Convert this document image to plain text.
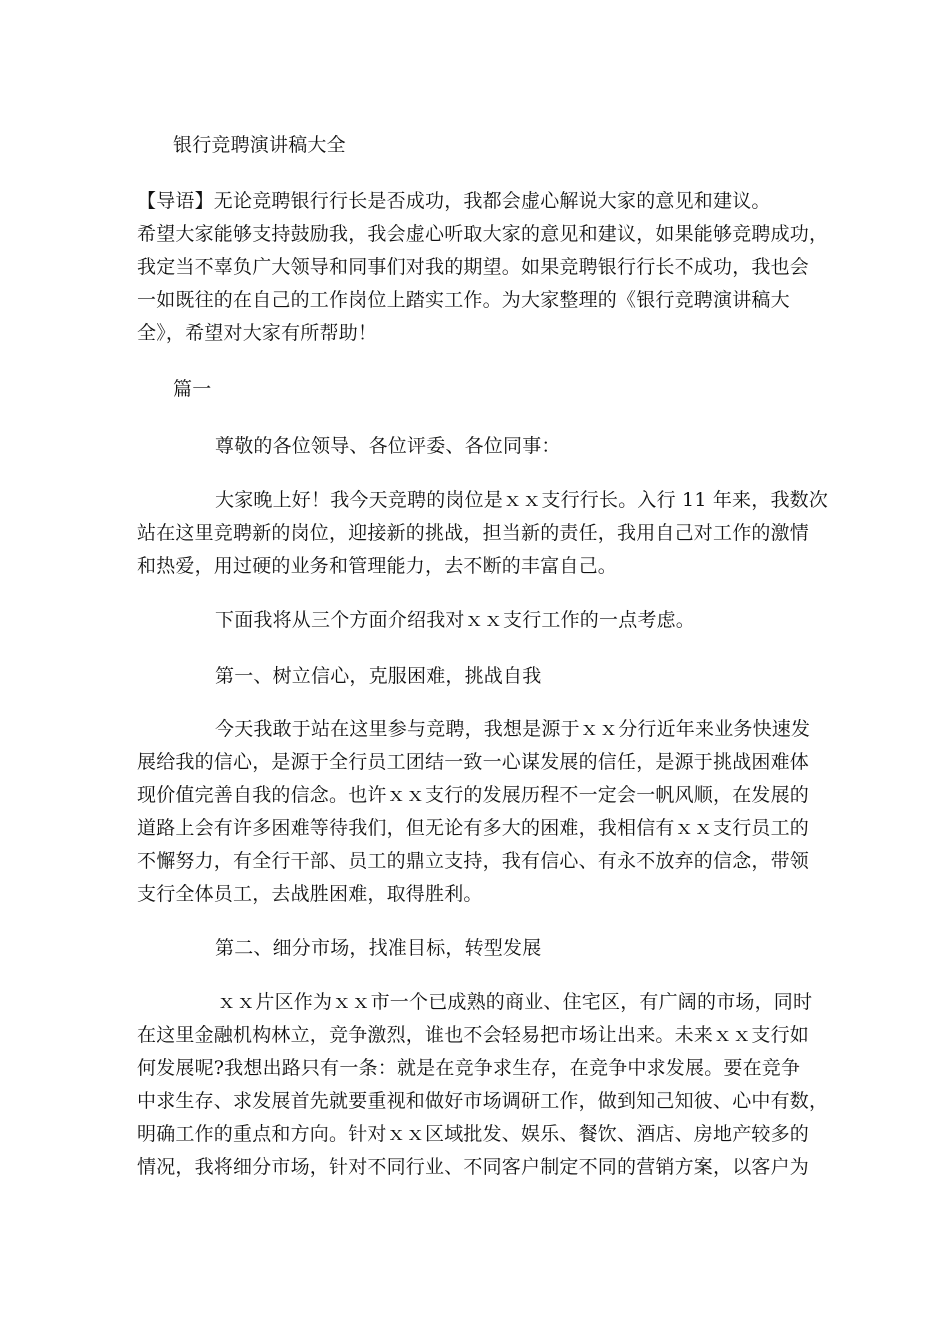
银行竞聘演讲稿大全
【导语】无论竞聘银行行长是否成功，我都会虚心解说大家的意见和建议。
希望大家能够支持鼓励我，我会虚心听取大家的意见和建议，如果能够竞聘成功，
我定当不辜负广大领导和同事们对我的期望。如果竞聘银行行长不成功，我也会
一如既往的在自己的工作岗位上踏实工作。为大家整理的《银行竞聘演讲稿大
全》，希望对大家有所帮助！
篇一
尊敬的各位领导、各位评委、各位同事：
大家晚上好！我今天竞聘的岗位是ｘｘ支行行长。入行 11 年来，我数次
站在这里竞聘新的岗位，迎接新的挑战，担当新的责任，我用自己对工作的激情
和热爱，用过硬的业务和管理能力，去不断的丰富自己。
下面我将从三个方面介绍我对ｘｘ支行工作的一点考虑。
第一、树立信心，克服困难，挑战自我
今天我敢于站在这里参与竞聘，我想是源于ｘｘ分行近年来业务快速发
展给我的信心，是源于全行员工团结一致一心谋发展的信任，是源于挑战困难体
现价值完善自我的信念。也许ｘｘ支行的发展历程不一定会一帆风顺，在发展的
道路上会有许多困难等待我们，但无论有多大的困难，我相信有ｘｘ支行员工的
不懈努力，有全行干部、员工的鼎立支持，我有信心、有永不放弃的信念，带领
支行全体员工，去战胜困难，取得胜利。
第二、细分市场，找准目标，转型发展
ｘｘ片区作为ｘｘ市一个已成熟的商业、住宅区，有广阔的市场，同时
在这里金融机构林立，竞争激烈，谁也不会轻易把市场让出来。未来ｘｘ支行如
何发展呢?我想出路只有一条：就是在竞争求生存，在竞争中求发展。要在竞争
中求生存、求发展首先就要重视和做好市场调研工作，做到知己知彼、心中有数，
明确工作的重点和方向。针对ｘｘ区域批发、娱乐、餐饮、酒店、房地产较多的
情况，我将细分市场，针对不同行业、不同客户制定不同的营销方案，以客户为
